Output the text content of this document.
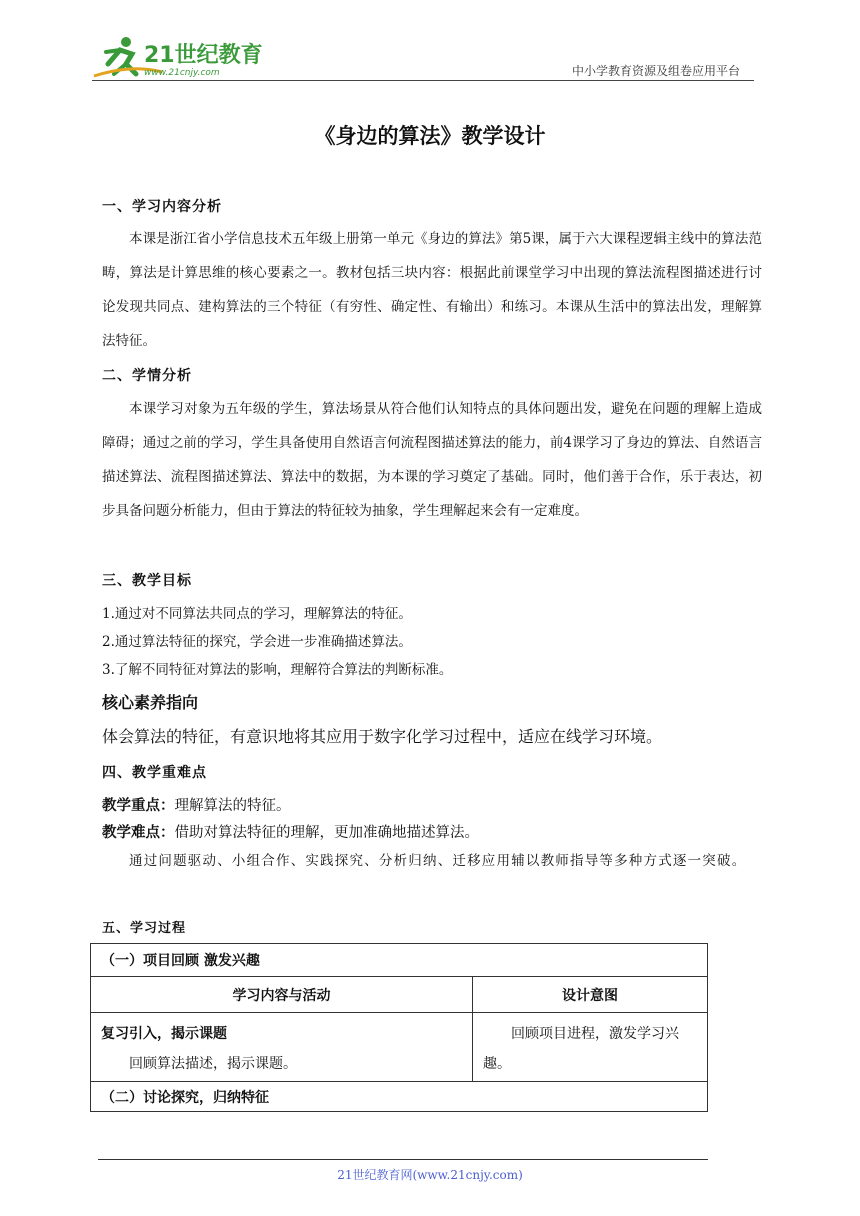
21世纪教育
www.21cnjy.com	中小学教育资源及组卷应用平台
《身边的算法》教学设计
一、学习内容分析
本课是浙江省小学信息技术五年级上册第一单元《身边的算法》第5课，属于六大课程逻辑主线中的算法范畴，算法是计算思维的核心要素之一。教材包括三块内容：根据此前课堂学习中出现的算法流程图描述进行讨论发现共同点、建构算法的三个特征（有穷性、确定性、有输出）和练习。本课从生活中的算法出发，理解算法特征。
二、学情分析
本课学习对象为五年级的学生，算法场景从符合他们认知特点的具体问题出发，避免在问题的理解上造成障碍；通过之前的学习，学生具备使用自然语言何流程图描述算法的能力，前4课学习了身边的算法、自然语言描述算法、流程图描述算法、算法中的数据，为本课的学习奠定了基础。同时，他们善于合作，乐于表达，初步具备问题分析能力，但由于算法的特征较为抽象，学生理解起来会有一定难度。
三、教学目标
1.通过对不同算法共同点的学习，理解算法的特征。
2.通过算法特征的探究，学会进一步准确描述算法。
3.了解不同特征对算法的影响，理解符合算法的判断标准。
核心素养指向
体会算法的特征，有意识地将其应用于数字化学习过程中，适应在线学习环境。
四、教学重难点
教学重点：理解算法的特征。
教学难点：借助对算法特征的理解，更加准确地描述算法。
通过问题驱动、小组合作、实践探究、分析归纳、迁移应用辅以教师指导等多种方式逐一突破。
五、学习过程
（一）项目回顾 激发兴趣	
学习内容与活动	设计意图

复习引入，揭示课题
回顾算法描述，揭示课题。	回顾项目进程，激发学习兴趣。
（二）讨论探究，归纳特征	
21世纪教育网(www.21cnjy.com)
